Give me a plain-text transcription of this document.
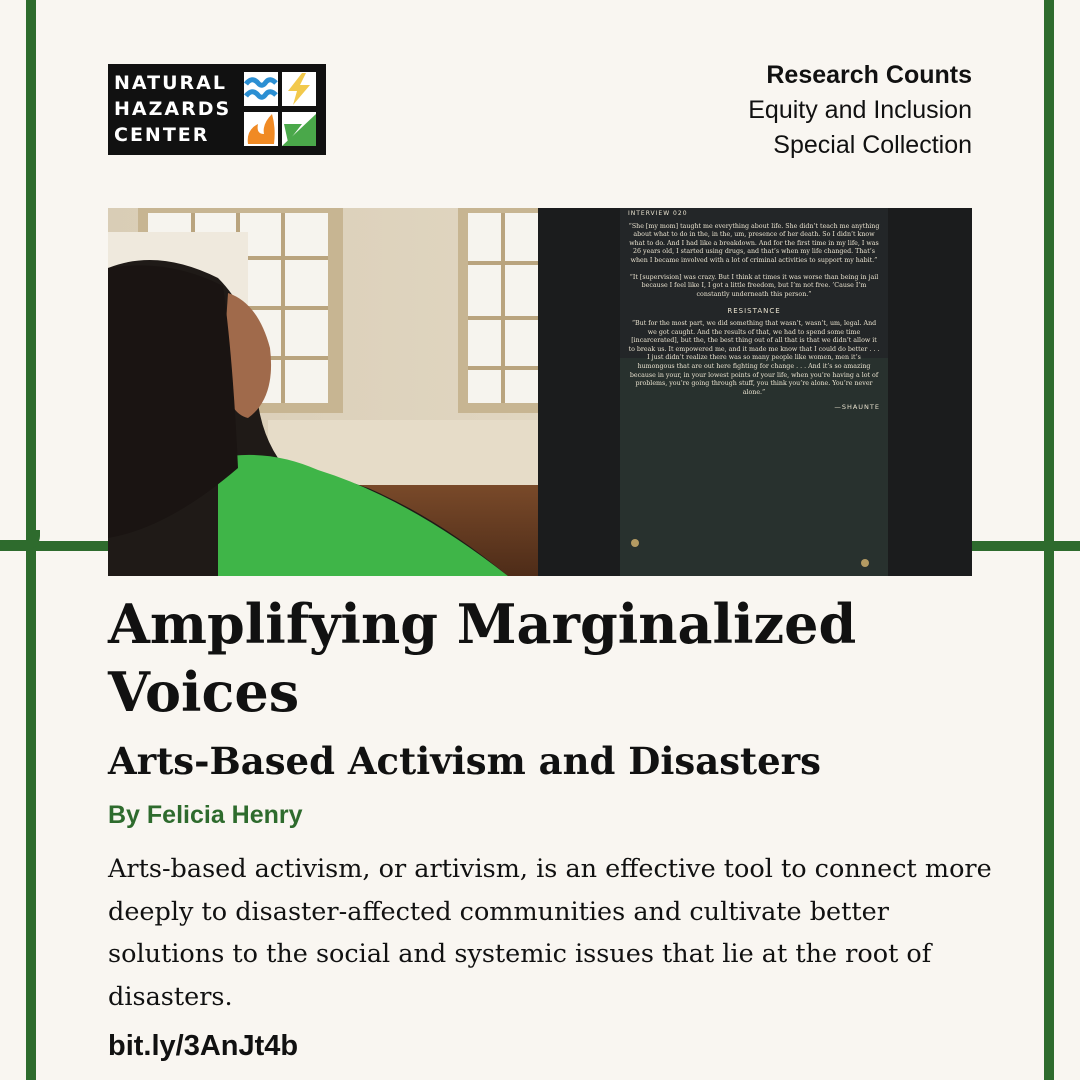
NATURAL
HAZARDS
CENTER
Research Counts
Equity and Inclusion
Special Collection
INTERVIEW 020
“She [my mom] taught me everything about life. She didn’t teach me anything about what to do in the, in the, um, presence of her death. So I didn’t know what to do. And I had like a breakdown. And for the first time in my life, I was 26 years old, I started using drugs, and that’s when my life changed. That’s when I became involved with a lot of criminal activities to support my habit.”
“It [supervision] was crazy. But I think at times it was worse than being in jail because I feel like I, I got a little freedom, but I’m not free. ’Cause I’m constantly underneath this person.”
RESISTANCE
“But for the most part, we did something that wasn’t, wasn’t, um, legal. And we got caught. And the results of that, we had to spend some time [incarcerated], but the, the best thing out of all that is that we didn’t allow it to break us. It empowered me, and it made me know that I could do better . . . I just didn’t realize there was so many people like women, men it’s humongous that are out here fighting for change . . . And it’s so amazing because in your, in your lowest points of your life, when you’re having a lot of problems, you’re going through stuff, you think you’re alone. You’re never alone.”
—SHAUNTE
Amplifying Marginalized Voices
Arts-Based Activism and Disasters

By Felicia Henry

Arts-based activism, or artivism, is an effective tool to connect more deeply to disaster-affected communities and cultivate better solutions to the social and systemic issues that lie at the root of disasters.

bit.ly/3AnJt4b
